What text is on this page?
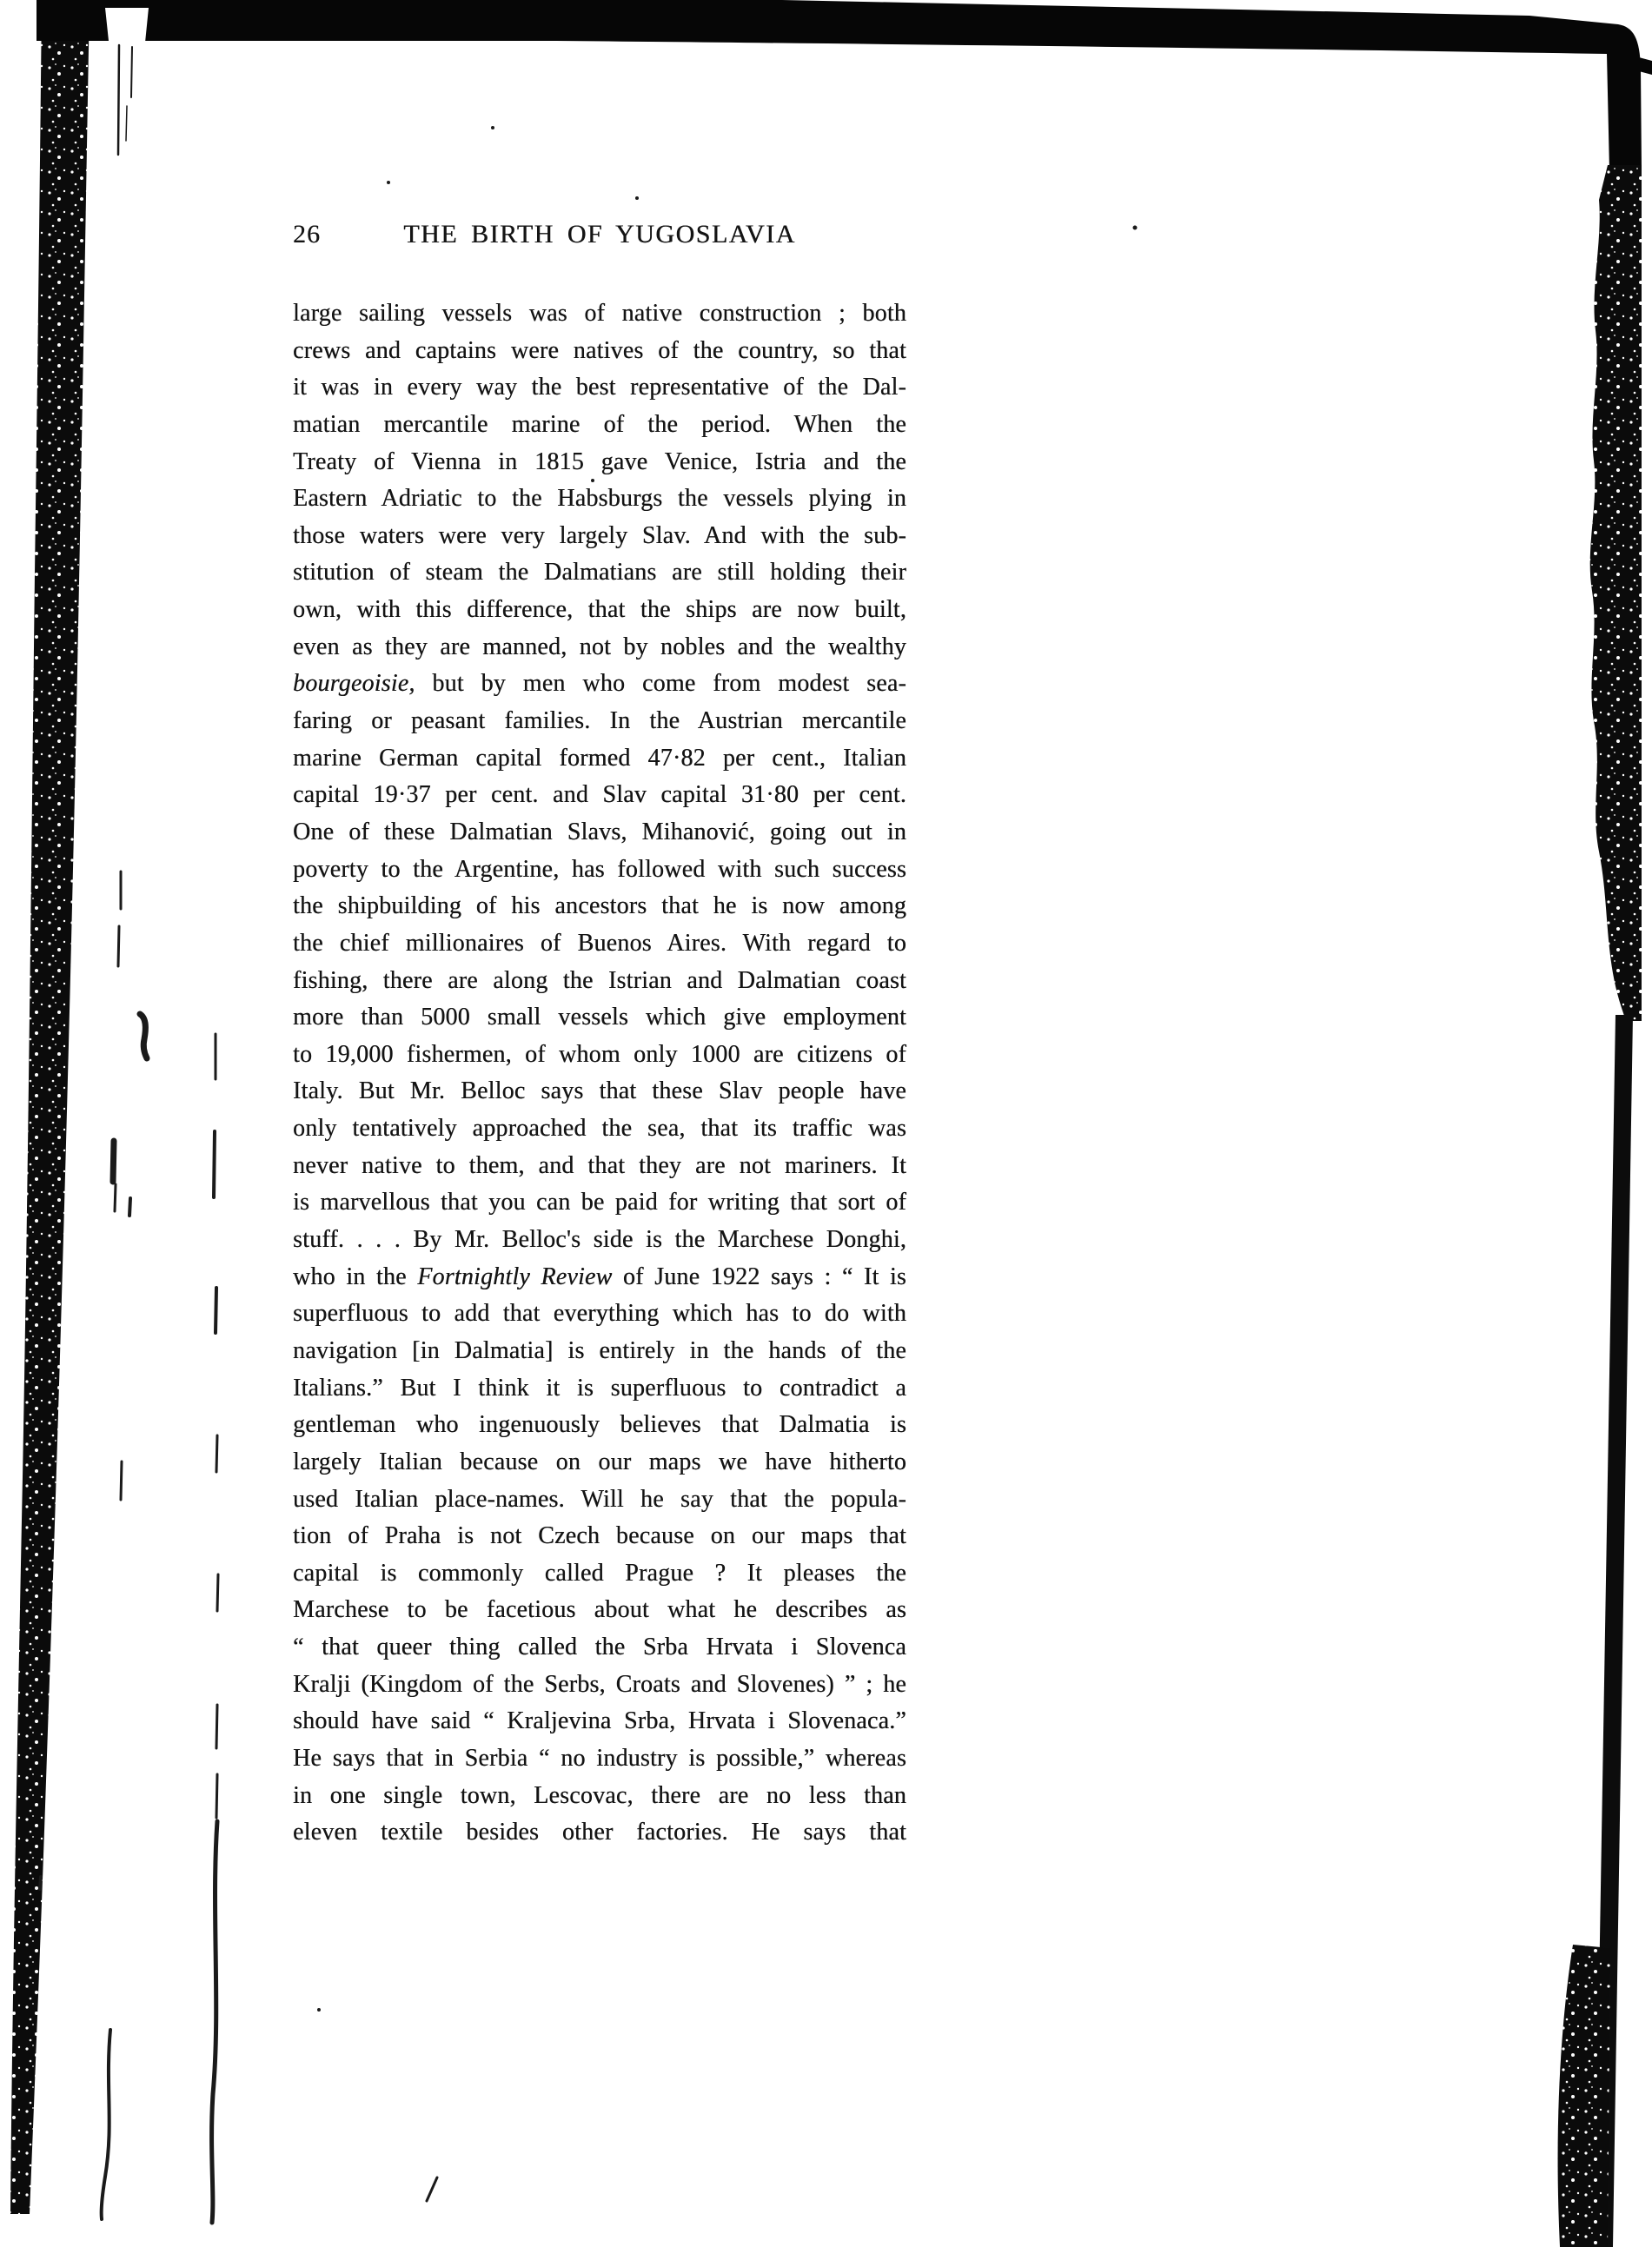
26	THE BIRTH OF YUGOSLAVIA
large sailing vessels was of native construction ; both
crews and captains were natives of the country, so that
it was in every way the best representative of the Dal-
matian mercantile marine of the period. When the
Treaty of Vienna in 1815 gave Venice, Istria and the
Eastern Adriatic to the Habsburgs the vessels plying in
those waters were very largely Slav. And with the sub-
stitution of steam the Dalmatians are still holding their
own, with this difference, that the ships are now built,
even as they are manned, not by nobles and the wealthy
bourgeoisie, but by men who come from modest sea-
faring or peasant families. In the Austrian mercantile
marine German capital formed 47·82 per cent., Italian
capital 19·37 per cent. and Slav capital 31·80 per cent.
One of these Dalmatian Slavs, Mihanović, going out in
poverty to the Argentine, has followed with such success
the shipbuilding of his ancestors that he is now among
the chief millionaires of Buenos Aires. With regard to
fishing, there are along the Istrian and Dalmatian coast
more than 5000 small vessels which give employment
to 19,000 fishermen, of whom only 1000 are citizens of
Italy. But Mr. Belloc says that these Slav people have
only tentatively approached the sea, that its traffic was
never native to them, and that they are not mariners. It
is marvellous that you can be paid for writing that sort of
stuff. . . . By Mr. Belloc's side is the Marchese Donghi,
who in the Fortnightly Review of June 1922 says : “ It is
superfluous to add that everything which has to do with
navigation [in Dalmatia] is entirely in the hands of the
Italians.” But I think it is superfluous to contradict a
gentleman who ingenuously believes that Dalmatia is
largely Italian because on our maps we have hitherto
used Italian place-names. Will he say that the popula-
tion of Praha is not Czech because on our maps that
capital is commonly called Prague ? It pleases the
Marchese to be facetious about what he describes as
“ that queer thing called the Srba Hrvata i Slovenca
Kralji (Kingdom of the Serbs, Croats and Slovenes) ” ; he
should have said “ Kraljevina Srba, Hrvata i Slovenaca.”
He says that in Serbia “ no industry is possible,” whereas
in one single town, Lescovac, there are no less than
eleven textile besides other factories. He says that
